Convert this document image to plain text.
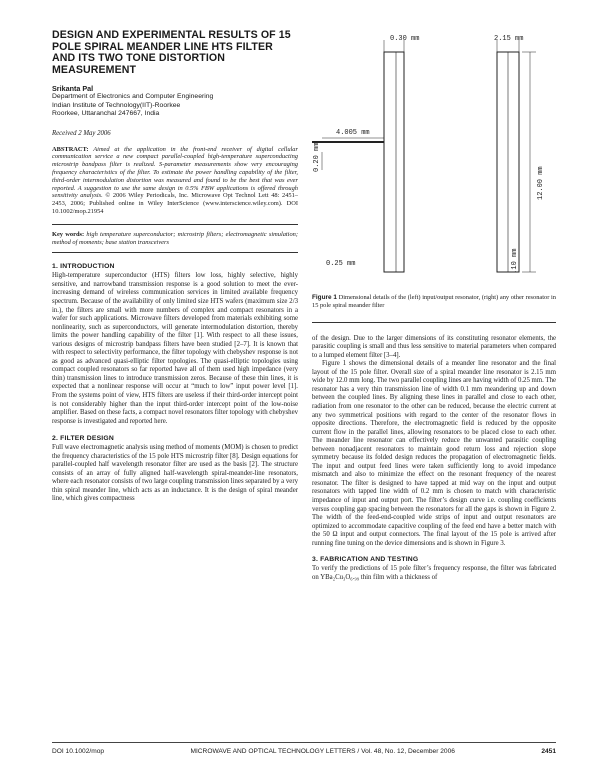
DESIGN AND EXPERIMENTAL RESULTS OF 15 POLE SPIRAL MEANDER LINE HTS FILTER AND ITS TWO TONE DISTORTION MEASUREMENT
Srikanta Pal
Department of Electronics and Computer Engineering
Indian Institute of Technology(IIT)-Roorkee
Roorkee, Uttaranchal 247667, India
Received 2 May 2006
ABSTRACT: Aimed at the application in the front-end receiver of digital cellular communication service a new compact parallel-coupled high-temperature superconducting microstrip bandpass filter is realized. S-parameter measurements show very encouraging frequency characteristics of the filter. To estimate the power handling capability of the filter, third-order intermodulation distortion was measured and found to be the best that was ever reported. A suggestion to use the same design in 0.5% FBW applications is offered through sensitivity analysis. © 2006 Wiley Periodicals, Inc. Microwave Opt Technol Lett 48: 2451–2453, 2006; Published online in Wiley InterScience (www.interscience.wiley.com). DOI 10.1002/mop.21954
Key words: high temperature superconductor; microstrip filters; electromagnetic simulation; method of moments; base station transceivers
1. INTRODUCTION
High-temperature superconductor (HTS) filters low loss, highly selective, highly sensitive, and narrowband transmission response is a good solution to meet the ever-increasing demand of wireless communication services in limited available frequency spectrum. Because of the availability of only limited size HTS wafers (maximum size 2/3 in.), the filters are small with more numbers of complex and compact resonators in a wafer for such applications. Microwave filters developed from materials exhibiting some nonlinearity, such as superconductors, will generate intermodulation distortion, thereby limits the power handling capability of the filter [1]. With respect to all these issues, various designs of microstrip bandpass filters have been studied [2–7]. It is known that with respect to selectivity performance, the filter topology with chebyshev response is not as good as advanced quasi-elliptic filter topologies. The quasi-elliptic topologies using compact coupled resonators so far reported have all of them used high impedance (very thin) transmission lines to introduce transmission zeros. Because of these thin lines, it is expected that a nonlinear response will occur at “much to low” input power level [1]. From the systems point of view, HTS filters are useless if their third-order intercept point is not considerably higher than the input third-order intercept point of the low-noise amplifier. Based on these facts, a compact novel resonators filter topology with chebyshev response is investigated and reported here.
2. FILTER DESIGN
Full wave electromagnetic analysis using method of moments (MOM) is chosen to predict the frequency characteristics of the 15 pole HTS microstrip filter [8]. Design equations for parallel-coupled half wavelength resonator filter are used as the basis [2]. The structure consists of an array of fully aligned half-wavelength spiral-meander-line resonators, where each resonator consists of two large coupling transmission lines separated by a very thin spiral meander line, which acts as an inductance. It is the design of spiral meander line, which gives compactness
0.30 mm	2.15 mm
4.005 mm
0.25 mm
0.20 mm
12.00 mm
0.10 mm
Figure 1 Dimensional details of the (left) input/output resonator, (right) any other resonator in 15 pole spiral meander filter
of the design. Due to the larger dimensions of its constituting resonator elements, the parasitic coupling is small and thus less sensitive to material parameters when compared to a lumped element filter [3–4].
Figure 1 shows the dimensional details of a meander line resonator and the final layout of the 15 pole filter. Overall size of a spiral meander line resonator is 2.15 mm wide by 12.0 mm long. The two parallel coupling lines are having width of 0.25 mm. The resonator has a very thin transmission line of width 0.1 mm meandering up and down between the coupled lines. By aligning these lines in parallel and close to each other, radiation from one resonator to the other can be reduced, because the electric current at any two symmetrical positions with regard to the center of the resonator flows in opposite directions. Therefore, the electromagnetic field is reduced by the opposite current flow in the parallel lines, allowing resonators to be placed close to each other. The meander line resonator can effectively reduce the unwanted parasitic coupling between nonadjacent resonators to maintain good return loss and rejection slope symmetry because its folded design reduces the propagation of electromagnetic fields. The input and output feed lines were taken sufficiently long to avoid impedance mismatch and also to minimize the effect on the resonant frequency of the nearest resonator. The filter is designed to have tapped at mid way on the input and output resonators with tapped line width of 0.2 mm is chosen to match with characteristic impedance of input and output port. The filter’s design curve i.e. coupling coefficients versus coupling gap spacing between the resonators for all the gaps is shown in Figure 2. The width of the feed-end-coupled wide strips of input and output resonators are optimized to accommodate capacitive coupling of the feed end have a better match with the 50 Ω input and output connectors. The final layout of the 15 pole is arrived after running fine tuning on the device dimensions and is shown in Figure 3.
3. FABRICATION AND TESTING
To verify the predictions of 15 pole filter’s frequency response, the filter was fabricated on YBa₂Cu₃O₆.₉₉ thin film with a thickness of
DOI 10.1002/mop	MICROWAVE AND OPTICAL TECHNOLOGY LETTERS / Vol. 48, No. 12, December 2006	2451
